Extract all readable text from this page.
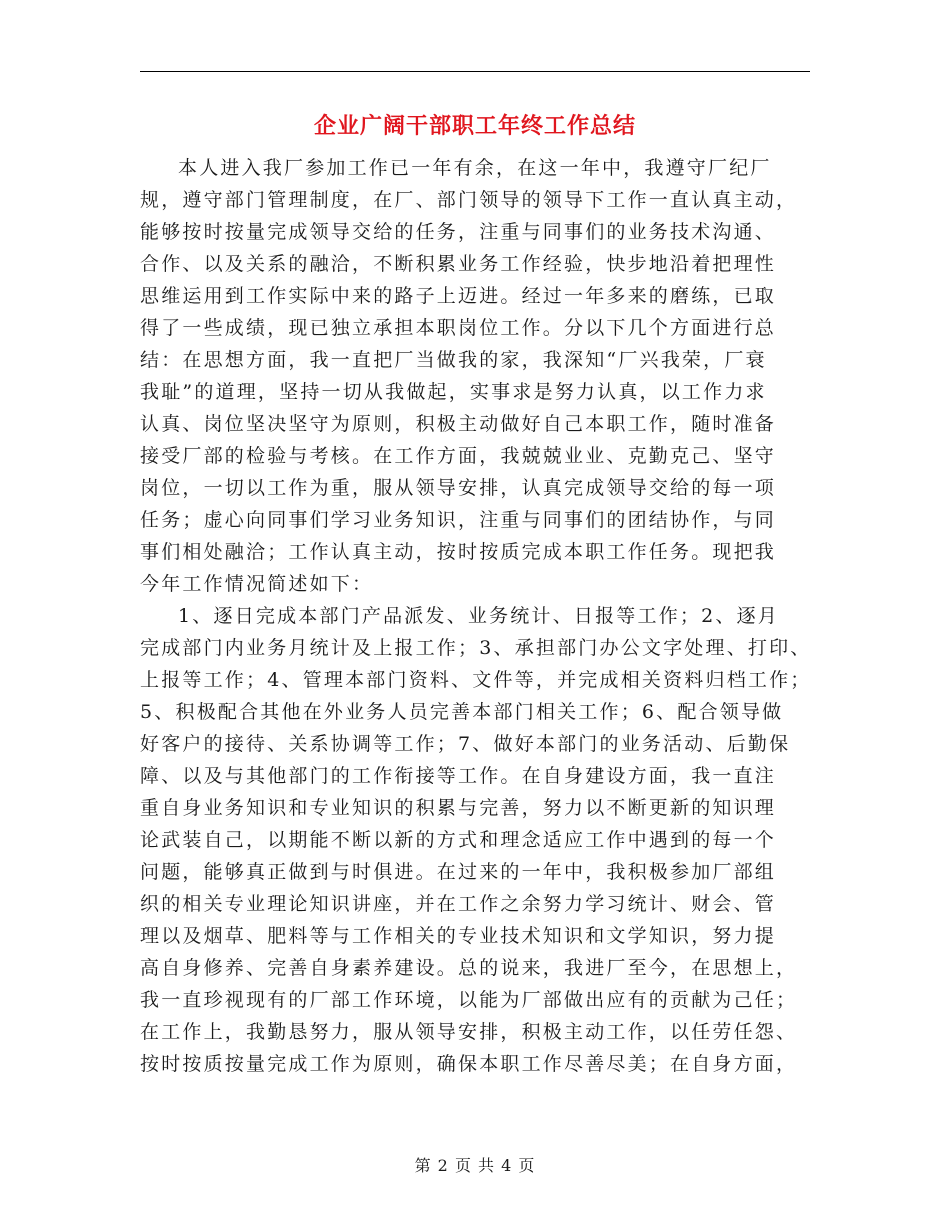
企业广阔干部职工年终工作总结
本人进入我厂参加工作已一年有余，在这一年中，我遵守厂纪厂
规，遵守部门管理制度，在厂、部门领导的领导下工作一直认真主动，
能够按时按量完成领导交给的任务，注重与同事们的业务技术沟通、
合作、以及关系的融洽，不断积累业务工作经验，快步地沿着把理性
思维运用到工作实际中来的路子上迈进。经过一年多来的磨练，已取
得了一些成绩，现已独立承担本职岗位工作。分以下几个方面进行总
结：在思想方面，我一直把厂当做我的家，我深知“厂兴我荣，厂衰
我耻”的道理，坚持一切从我做起，实事求是努力认真，以工作力求
认真、岗位坚决坚守为原则，积极主动做好自己本职工作，随时准备
接受厂部的检验与考核。在工作方面，我兢兢业业、克勤克己、坚守
岗位，一切以工作为重，服从领导安排，认真完成领导交给的每一项
任务；虚心向同事们学习业务知识，注重与同事们的团结协作，与同
事们相处融洽；工作认真主动，按时按质完成本职工作任务。现把我
今年工作情况简述如下：
1、逐日完成本部门产品派发、业务统计、日报等工作；2、逐月
完成部门内业务月统计及上报工作；3、承担部门办公文字处理、打印、
上报等工作；4、管理本部门资料、文件等，并完成相关资料归档工作；
5、积极配合其他在外业务人员完善本部门相关工作；6、配合领导做
好客户的接待、关系协调等工作；7、做好本部门的业务活动、后勤保
障、以及与其他部门的工作衔接等工作。在自身建设方面，我一直注
重自身业务知识和专业知识的积累与完善，努力以不断更新的知识理
论武装自己，以期能不断以新的方式和理念适应工作中遇到的每一个
问题，能够真正做到与时俱进。在过来的一年中，我积极参加厂部组
织的相关专业理论知识讲座，并在工作之余努力学习统计、财会、管
理以及烟草、肥料等与工作相关的专业技术知识和文学知识，努力提
高自身修养、完善自身素养建设。总的说来，我进厂至今，在思想上，
我一直珍视现有的厂部工作环境，以能为厂部做出应有的贡献为己任；
在工作上，我勤恳努力，服从领导安排，积极主动工作，以任劳任怨、
按时按质按量完成工作为原则，确保本职工作尽善尽美；在自身方面，
第 2 页 共 4 页
